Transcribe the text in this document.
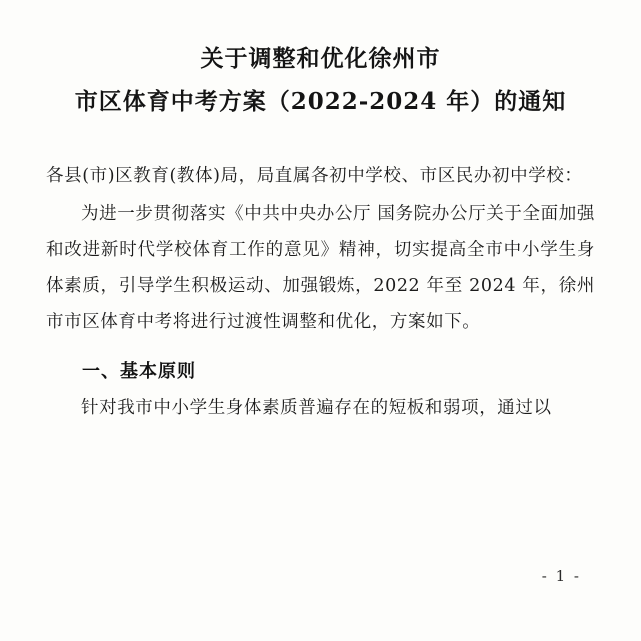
关于调整和优化徐州市
市区体育中考方案（2022-2024 年）的通知

各县(市)区教育(教体)局，局直属各初中学校、市区民办初中学校：

为进一步贯彻落实《中共中央办公厅 国务院办公厅关于全面加强和改进新时代学校体育工作的意见》精神，切实提高全市中小学生身体素质，引导学生积极运动、加强锻炼，2022 年至 2024 年，徐州市市区体育中考将进行过渡性调整和优化，方案如下。

一、基本原则

针对我市中小学生身体素质普遍存在的短板和弱项，通过以

- 1 -
